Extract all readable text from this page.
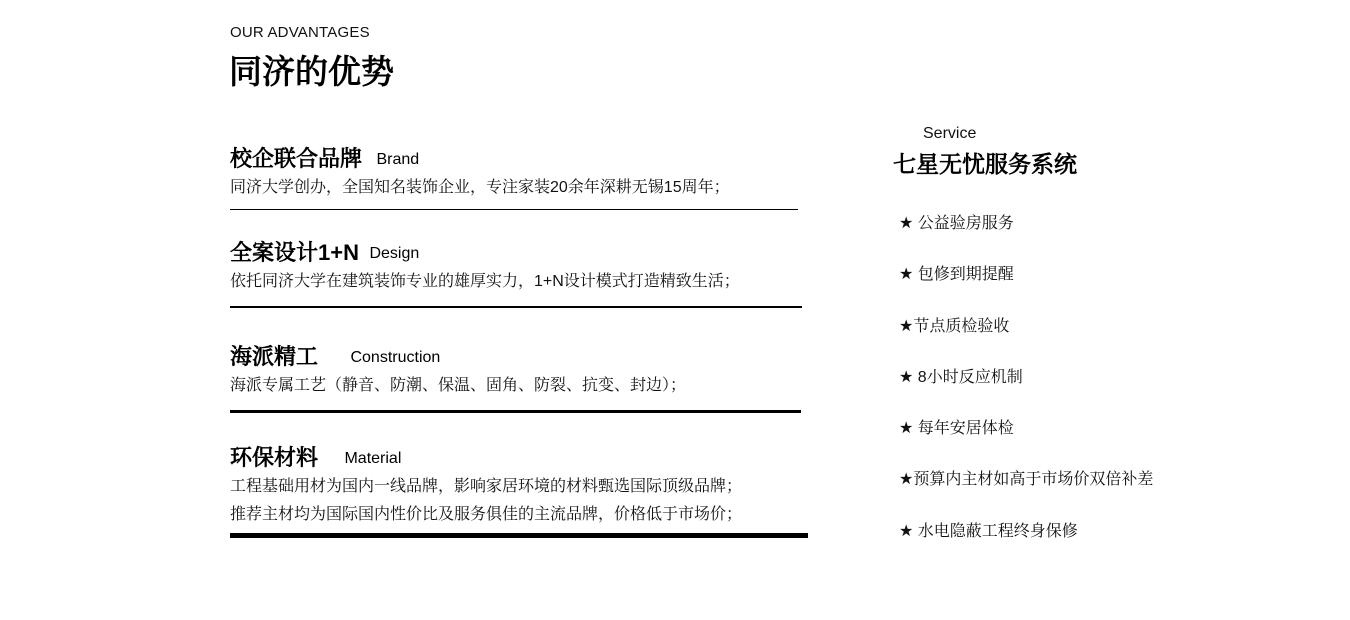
OUR ADVANTAGES
同济的优势
校企联合品牌 Brand
同济大学创办，全国知名装饰企业，专注家装20余年深耕无锡15周年；
全案设计1+N Design
依托同济大学在建筑装饰专业的雄厚实力，1+N设计模式打造精致生活；
海派精工 Construction
海派专属工艺（静音、防潮、保温、固角、防裂、抗变、封边）；
环保材料 Material
工程基础用材为国内一线品牌，影响家居环境的材料甄选国际顶级品牌；
推荐主材均为国际国内性价比及服务俱佳的主流品牌，价格低于市场价；
Service
七星无忧服务系统
★ 公益验房服务
★ 包修到期提醒
★节点质检验收
★ 8小时反应机制
★ 每年安居体检
★预算内主材如高于市场价双倍补差
★ 水电隐蔽工程终身保修
